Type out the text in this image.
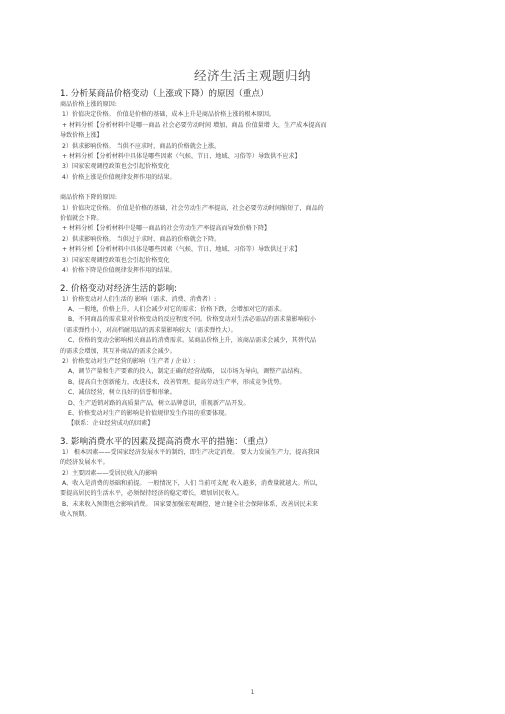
经济生活主观题归纳

1. 分析某商品价格变动（上涨或下降）的原因（重点）

商品价格上涨的原因:

1）价值决定价格。 价值是价格的基础，成本上升是商品价格上涨的根本原因。

+ 材料分析【分析材料中是哪一商品 社会必要劳动时间 增加，商品 价值量增 大，生产成本提高而

导致价格上涨】

2）供求影响价格。 当供不应求时，商品的价格就会上涨。

+ 材料分析【分析材料中具体是哪些因素（气候、节日、地域、习俗等）导致供不应求】

3）国家宏观调控政策也会引起价格变化

4）价格上涨是价值规律发挥作用的结果。

商品价格下降的原因:

1）价值决定价格。 价值是价格的基础，社会劳动生产率提高，社会必要劳动时间缩短了，商品的

价值就会下降。

+ 材料分析【分析材料中是哪一商品的社会劳动生产率提高而导致价格下降】

2）供求影响价格。 当供过于求时，商品的价格就会下降。

+ 材料分析【分析材料中具体是哪些因素（气候、节日、地域、习俗等）导致供过于求】

3）国家宏观调控政策也会引起价格变化

4）价格下降是价值规律发挥作用的结果。

2. 价格变动对经济生活的影响:

1）价格变动对人们生活的 影响（需求、消费、消费者）:

A、一般地，价格上升，人们会减少对它的需求；价格下跌，会增加对它的需求。

B、不同商品的需求量对价格变动的反应程度不同。价格变动对生活必需品的需求量影响较小

（需求弹性小），对高档耐用品的需求量影响较大（需求弹性大）。

C、价格的变动会影响相关商品的消费需求。某商品价格上升，该商品需求会减少，其替代品

的需求会增加，其互补商品的需求会减少。

2）价格变动对生产经营的影响（生产者 / 企业）:

A、调节产量和生产要素的投入，制定正确的经营战略， 以市场为导向，调整产品结构。

B、提高自主创新能力，改进技术，改善管理，提高劳动生产率，形成竞争优势。

C、减信经营，树立良好的信誉和形象。

D、生产适销对路的高质量产品，树立品牌意识，重视新产品开发。

E、价格变动对生产的影响是价值规律发生作用的重要体现。

【联系：企业经营成功的因素】

3. 影响消费水平的因素及提高消费水平的措施：（重点）

1） 根本因素——受国家经济发展水平的制约，即生产决定消费。 要大力发展生产力，提高我国

的经济发展水平。

2）主要因素——受居民收入的影响

A、收入是消费的基础和前提。 一般情况下，人们 当前可支配 收入越多，消费量就越大。所以，

要提高居民的生活水平，必须保持经济的稳定增长，增加居民收入。

B、未来收入预期也会影响消费。 国家要加强宏观调控，建立健全社会保障体系，改善居民未来

收入预期。

1
